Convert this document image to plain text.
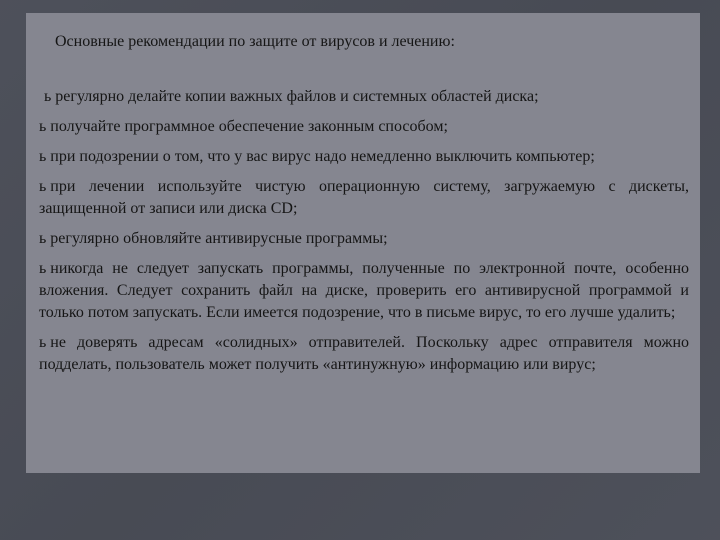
Основные рекомендации по защите от вирусов и лечению:
ь регулярно делайте копии важных файлов и системных областей диска;
ь получайте программное обеспечение законным способом;
ь при подозрении о том, что у вас вирус надо немедленно выключить компьютер;
ь при лечении используйте чистую операционную систему, загружаемую с дискеты, защищенной от записи или диска CD;
ь регулярно обновляйте антивирусные программы;
ь никогда не следует запускать программы, полученные по электронной почте, особенно вложения. Следует сохранить файл на диске, проверить его антивирусной программой и только потом запускать. Если имеется подозрение, что в письме вирус, то его лучше удалить;
ь не доверять адресам «солидных» отправителей. Поскольку адрес отправителя можно подделать, пользователь может получить «антинужную» информацию или вирус;
